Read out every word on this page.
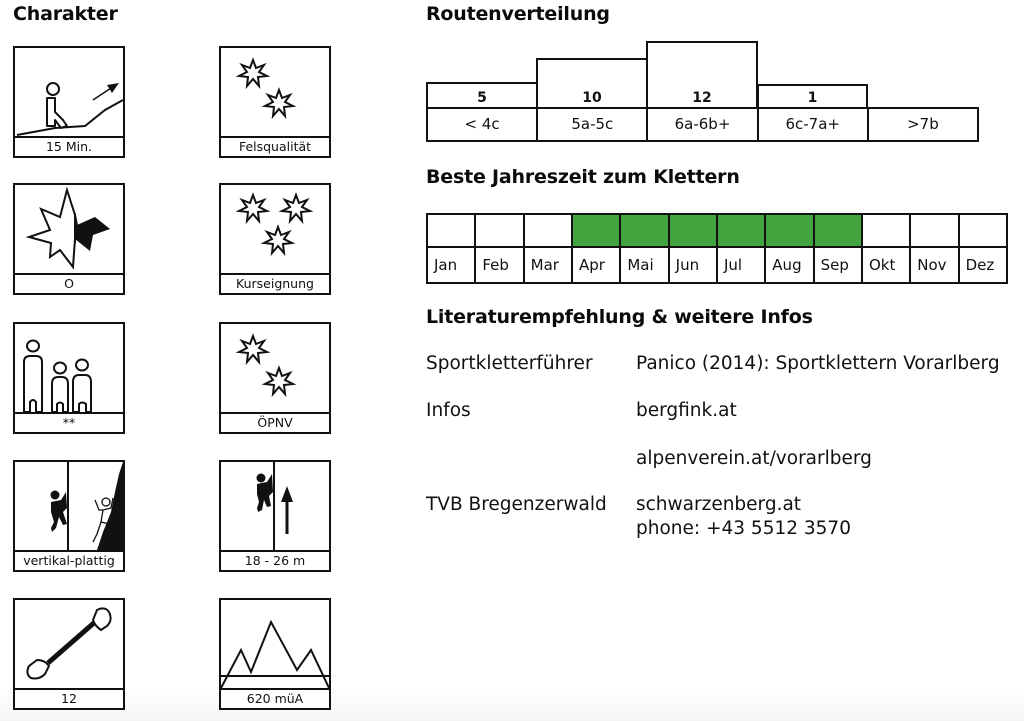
Charakter
15 Min.	Felsqualität
O	Kurseignung
**	ÖPNV
vertikal-plattig	18 - 26 m
12	620 müA
Routenverteilung
5	10	12	1
< 4c	5a-5c	6a-6b+	6c-7a+	>7b
Beste Jahreszeit zum Klettern
Jan	Feb	Mar	Apr	Mai	Jun	Jul	Aug	Sep	Okt	Nov	Dez
Literaturempfehlung & weitere Infos
Sportkletterführer Panico (2014): Sportklettern Vorarlberg
Infos	bergfink.at
alpenverein.at/vorarlberg
TVB Bregenzerwald schwarzenberg.at
phone: +43 5512 3570
